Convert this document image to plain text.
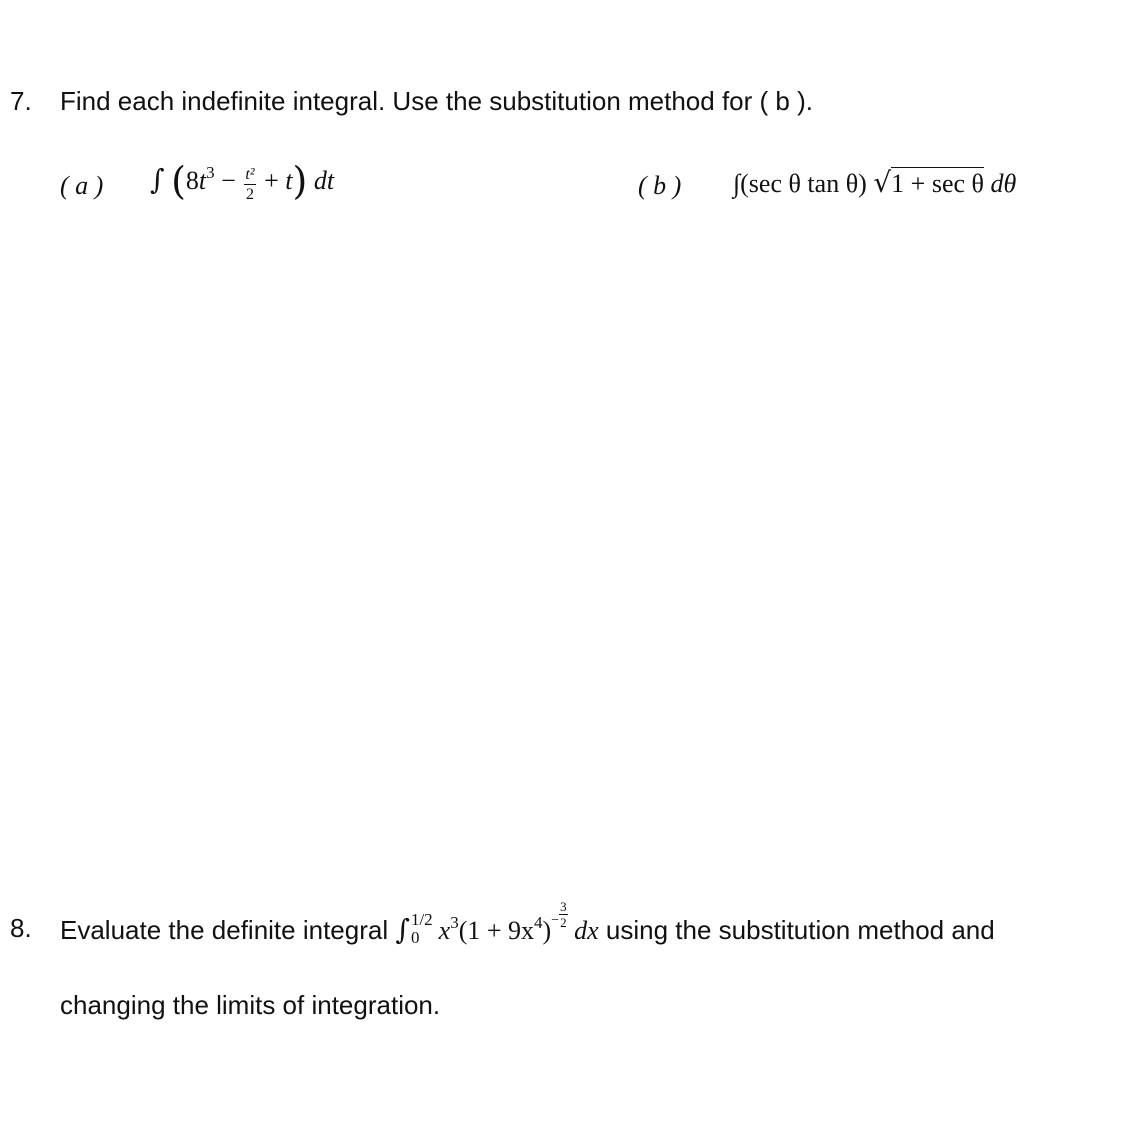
7. Find each indefinite integral. Use the substitution method for ( b ).
( a ) ∫ $(8t^3 - \frac{\text{t²}}{2} + t)$ dt	( b ) ∫(sec θ tan θ) √1 + sec θ dθ
8. Evaluate the definite integral ∫ 1/2
0 $x^3(1 + 9x^4)- \frac{3}{2}$
dx using the substitution method and
changing the limits of integration.
